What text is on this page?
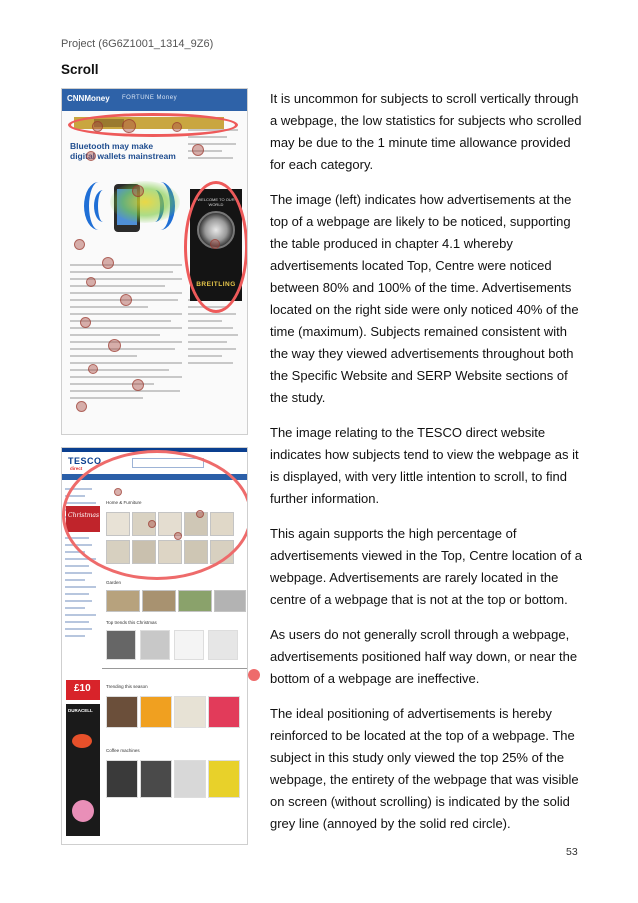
Project (6G6Z1001_1314_9Z6)
Scroll
CNNMoney FORTUNE Money
Bluetooth may make digital wallets mainstream
WELCOME TO OUR WORLD
BREITLING
TESCO
direct
Christmas
Home & Furniture
Garden
Top trends this Christmas
£10
DURACELL
Trending this season
Coffee machines

It is uncommon for subjects to scroll vertically through a webpage, the low statistics for subjects who scrolled may be due to the 1 minute time allowance provided for each category.

The image (left) indicates how advertisements at the top of a webpage are likely to be noticed, supporting the table produced in chapter 4.1 whereby advertisements located Top, Centre were noticed between 80% and 100% of the time. Advertisements located on the right side were only noticed 40% of the time (maximum). Subjects remained consistent with the way they viewed advertisements throughout both the Specific Website and SERP Website sections of the study.

The image relating to the TESCO direct website indicates how subjects tend to view the webpage as it is displayed, with very little intention to scroll, to find further information.

This again supports the high percentage of advertisements viewed in the Top, Centre location of a webpage. Advertisements are rarely located in the centre of a webpage that is not at the top or bottom.

As users do not generally scroll through a webpage, advertisements positioned half way down, or near the bottom of a webpage are ineffective.

The ideal positioning of advertisements is hereby reinforced to be located at the top of a webpage. The subject in this study only viewed the top 25% of the webpage, the entirety of the webpage that was visible on screen (without scrolling) is indicated by the solid grey line (annoyed by the solid red circle).

53
